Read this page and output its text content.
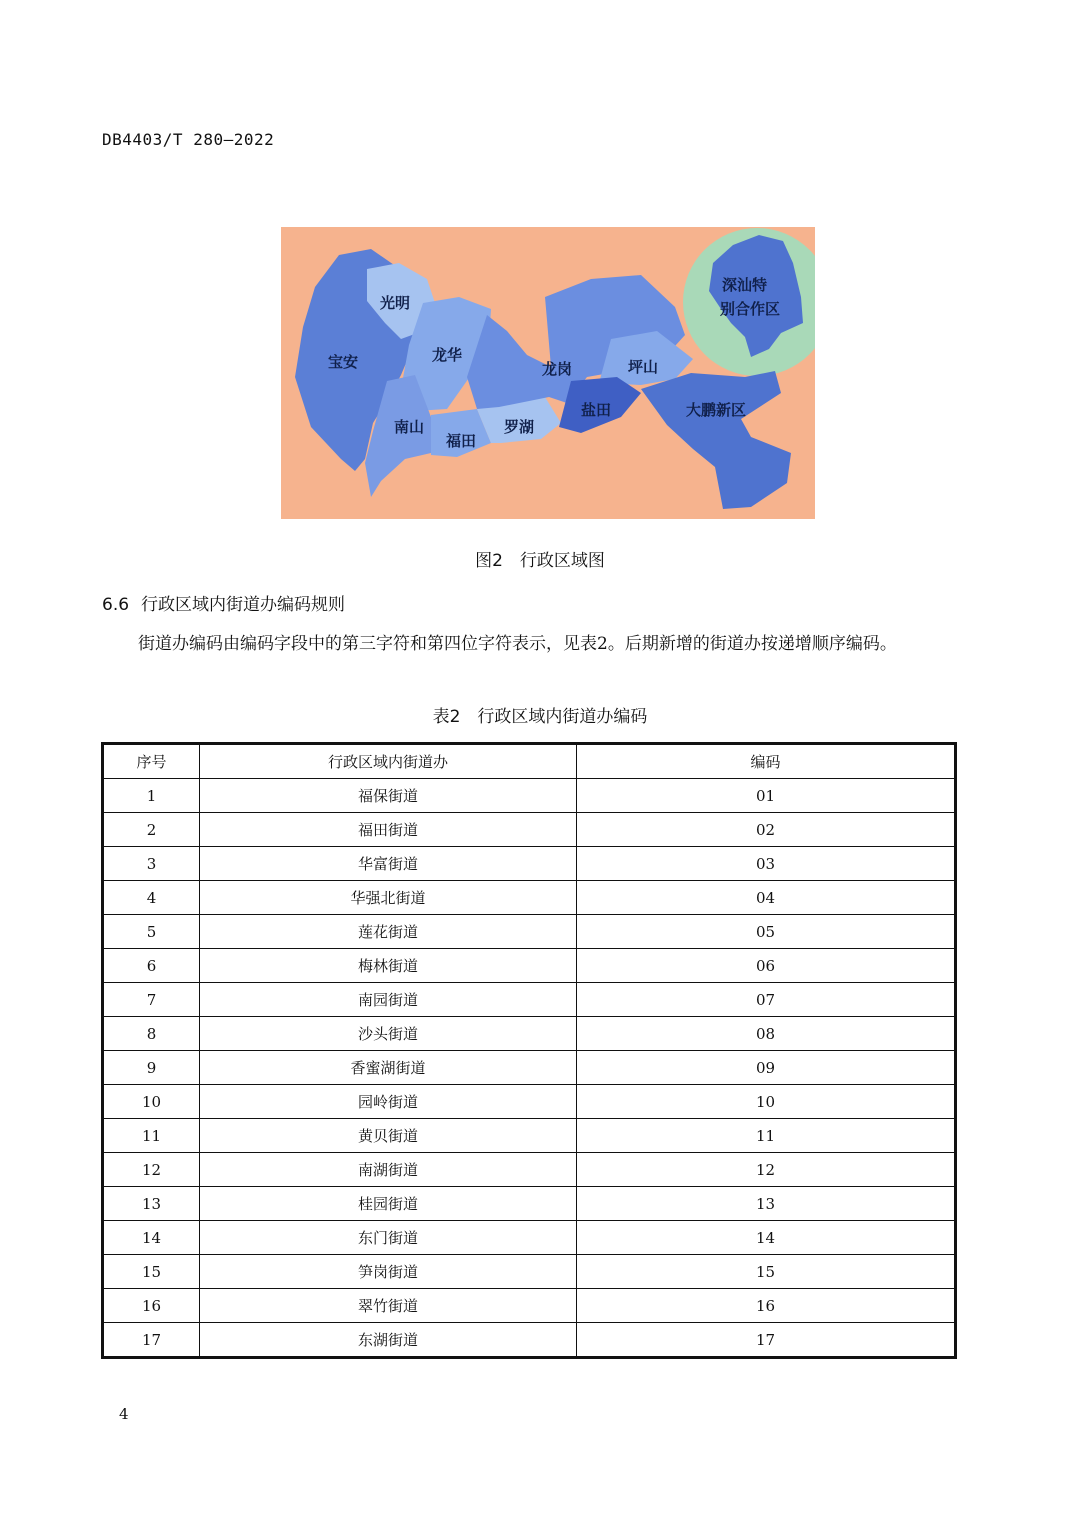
DB4403/T 280—2022
光明
宝安	龙华
龙岗	坪山
深汕特
别合作区
南山
福田
罗湖
盐田	大鹏新区
图2　行政区域图
6.6 行政区域内街道办编码规则
街道办编码由编码字段中的第三字符和第四位字符表示，见表2。后期新增的街道办按递增顺序编码。
表2　行政区域内街道办编码
序号	行政区域内街道办	编码
1	福保街道	01
2	福田街道	02
3	华富街道	03
4	华强北街道	04
5	莲花街道	05
6	梅林街道	06
7	南园街道	07
8	沙头街道	08
9	香蜜湖街道	09
10	园岭街道	10
11	黄贝街道	11
12	南湖街道	12
13	桂园街道	13
14	东门街道	14
15	笋岗街道	15
16	翠竹街道	16
17	东湖街道	17
4
